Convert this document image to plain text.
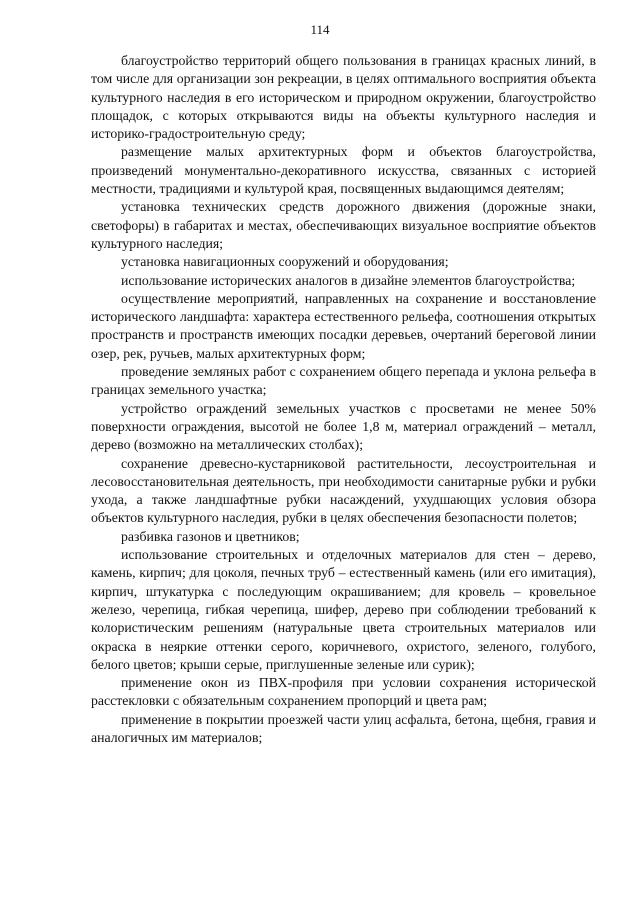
114

благоустройство территорий общего пользования в границах красных линий, в том числе для организации зон рекреации, в целях оптимального восприятия объекта культурного наследия в его историческом и природном окружении, благоустройство площадок, с которых открываются виды на объекты культурного наследия и историко-градостроительную среду;

размещение малых архитектурных форм и объектов благоустройства, произведений монументально-декоративного искусства, связанных с историей местности, традициями и культурой края, посвященных выдающимся деятелям;

установка технических средств дорожного движения (дорожные знаки, светофоры) в габаритах и местах, обеспечивающих визуальное восприятие объектов культурного наследия;

установка навигационных сооружений и оборудования;

использование исторических аналогов в дизайне элементов благоустройства;

осуществление мероприятий, направленных на сохранение и восстановление исторического ландшафта: характера естественного рельефа, соотношения открытых пространств и пространств имеющих посадки деревьев, очертаний береговой линии озер, рек, ручьев, малых архитектурных форм;

проведение земляных работ с сохранением общего перепада и уклона рельефа в границах земельного участка;

устройство ограждений земельных участков с просветами не менее 50% поверхности ограждения, высотой не более 1,8 м, материал ограждений – металл, дерево (возможно на металлических столбах);

сохранение древесно-кустарниковой растительности, лесоустроительная и лесовосстановительная деятельность, при необходимости санитарные рубки и рубки ухода, а также ландшафтные рубки насаждений, ухудшающих условия обзора объектов культурного наследия, рубки в целях обеспечения безопасности полетов;

разбивка газонов и цветников;

использование строительных и отделочных материалов для стен – дерево, камень, кирпич; для цоколя, печных труб – естественный камень (или его имитация), кирпич, штукатурка с последующим окрашиванием; для кровель – кровельное железо, черепица, гибкая черепица, шифер, дерево при соблюдении требований к колористическим решениям (натуральные цвета строительных материалов или окраска в неяркие оттенки серого, коричневого, охристого, зеленого, голубого, белого цветов; крыши серые, приглушенные зеленые или сурик);

применение окон из ПВХ-профиля при условии сохранения исторической расстекловки с обязательным сохранением пропорций и цвета рам;

применение в покрытии проезжей части улиц асфальта, бетона, щебня, гравия и аналогичных им материалов;
